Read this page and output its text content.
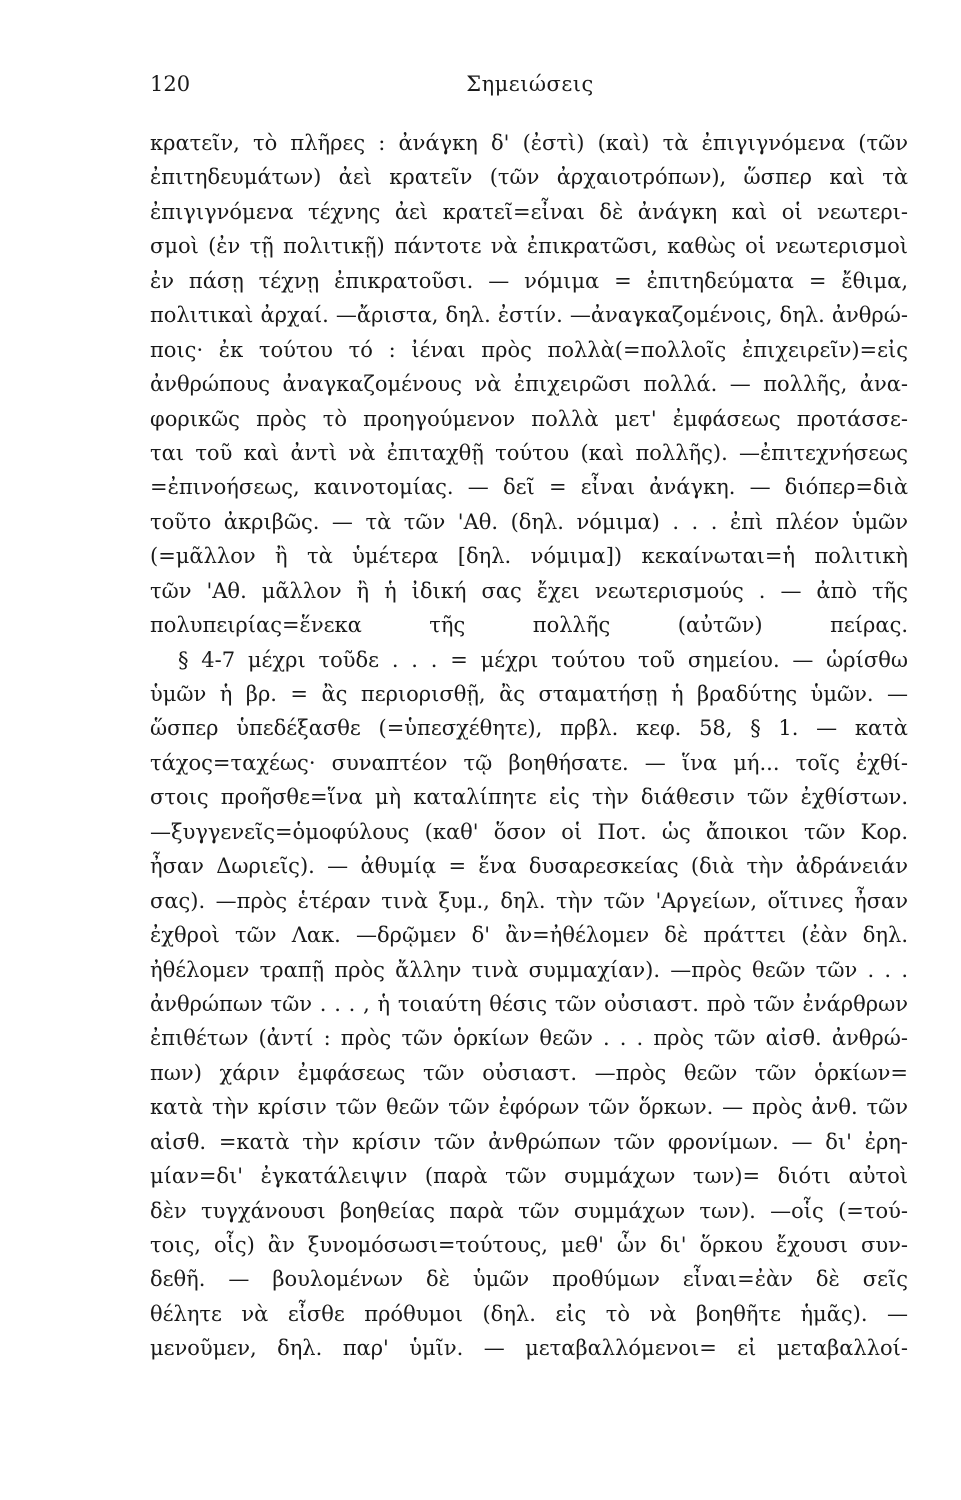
120	Σημειώσεις
κρατεῖν, τὸ πλῆρες : ἀνάγκη δ' (ἐστὶ) (καὶ) τὰ ἐπιγιγνόμενα (τῶν
ἐπιτηδευμάτων) ἀεὶ κρατεῖν (τῶν ἀρχαιοτρόπων), ὥσπερ καὶ τὰ
ἐπιγιγνόμενα τέχνης ἀεὶ κρατεῖ=εἶναι δὲ ἀνάγκη καὶ οἱ νεωτερι-
σμοὶ (ἐν τῇ πολιτικῇ) πάντοτε νὰ ἐπικρατῶσι, καθὼς οἱ νεωτερισμοὶ
ἐν πάσῃ τέχνῃ ἐπικρατοῦσι. — νόμιμα = ἐπιτηδεύματα = ἔθιμα,
πολιτικαὶ ἀρχαί. —ἄριστα, δηλ. ἐστίν. —ἀναγκαζομένοις, δηλ. ἀνθρώ-
ποις· ἐκ τούτου τό : ἰέναι πρὸς πολλὰ(=πολλοῖς ἐπιχειρεῖν)=εἰς
ἀνθρώπους ἀναγκαζομένους νὰ ἐπιχειρῶσι πολλά. — πολλῆς, ἀνα-
φορικῶς πρὸς τὸ προηγούμενον πολλὰ μετ' ἐμφάσεως προτάσσε-
ται τοῦ καὶ ἀντὶ νὰ ἐπιταχθῇ τούτου (καὶ πολλῆς). —ἐπιτεχνήσεως
=ἐπινοήσεως, καινοτομίας. — δεῖ = εἶναι ἀνάγκη. — διόπερ=διὰ
τοῦτο ἀκριβῶς. — τὰ τῶν 'Αθ. (δηλ. νόμιμα) . . . ἐπὶ πλέον ὑμῶν
(=μᾶλλον ἢ τὰ ὑμέτερα [δηλ. νόμιμα]) κεκαίνωται=ἡ πολιτικὴ
τῶν 'Αθ. μᾶλλον ἢ ἡ ἰδική σας ἔχει νεωτερισμούς . — ἀπὸ τῆς
πολυπειρίας=ἕνεκα τῆς πολλῆς (αὐτῶν) πείρας.
§ 4-7 μέχρι τοῦδε . . . = μέχρι τούτου τοῦ σημείου. — ὡρίσθω
ὑμῶν ἡ βρ. = ἂς περιορισθῇ, ἂς σταματήσῃ ἡ βραδύτης ὑμῶν. —
ὥσπερ ὑπεδέξασθε (=ὑπεσχέθητε), πρβλ. κεφ. 58, § 1. — κατὰ
τάχος=ταχέως· συναπτέον τῷ βοηθήσατε. — ἵνα μή... τοῖς ἐχθί-
στοις προῆσθε=ἵνα μὴ καταλίπητε εἰς τὴν διάθεσιν τῶν ἐχθίστων.
—ξυγγενεῖς=ὁμοφύλους (καθ' ὅσον οἱ Ποτ. ὡς ἄποικοι τῶν Κορ.
ἦσαν Δωριεῖς). — ἀθυμίᾳ = ἕνα δυσαρεσκείας (διὰ τὴν ἀδράνειάν
σας). —πρὸς ἑτέραν τινὰ ξυμ., δηλ. τὴν τῶν 'Αργείων, οἵτινες ἦσαν
ἐχθροὶ τῶν Λακ. —δρῷμεν δ' ἂν=ἠθέλομεν δὲ πράττει (ἐὰν δηλ.
ἠθέλομεν τραπῇ πρὸς ἄλλην τινὰ συμμαχίαν). —πρὸς θεῶν τῶν . . .
ἀνθρώπων τῶν . . . , ἡ τοιαύτη θέσις τῶν οὐσιαστ. πρὸ τῶν ἐνάρθρων
ἐπιθέτων (ἀντί : πρὸς τῶν ὁρκίων θεῶν . . . πρὸς τῶν αἰσθ. ἀνθρώ-
πων) χάριν ἐμφάσεως τῶν οὐσιαστ. —πρὸς θεῶν τῶν ὁρκίων=
κατὰ τὴν κρίσιν τῶν θεῶν τῶν ἐφόρων τῶν ὅρκων. — πρὸς ἀνθ. τῶν
αἰσθ. =κατὰ τὴν κρίσιν τῶν ἀνθρώπων τῶν φρονίμων. — δι' ἐρη-
μίαν=δι' ἐγκατάλειψιν (παρὰ τῶν συμμάχων των)= διότι αὐτοὶ
δὲν τυγχάνουσι βοηθείας παρὰ τῶν συμμάχων των). —οἷς (=τού-
τοις, οἷς) ἂν ξυνομόσωσι=τούτους, μεθ' ὧν δι' ὅρκου ἔχουσι συν-
δεθῆ. — βουλομένων δὲ ὑμῶν προθύμων εἶναι=ἐὰν δὲ σεῖς
θέλητε νὰ εἶσθε πρόθυμοι (δηλ. εἰς τὸ νὰ βοηθῆτε ἡμᾶς). —
μενοῦμεν, δηλ. παρ' ὑμῖν. — μεταβαλλόμενοι= εἰ μεταβαλλοί-
